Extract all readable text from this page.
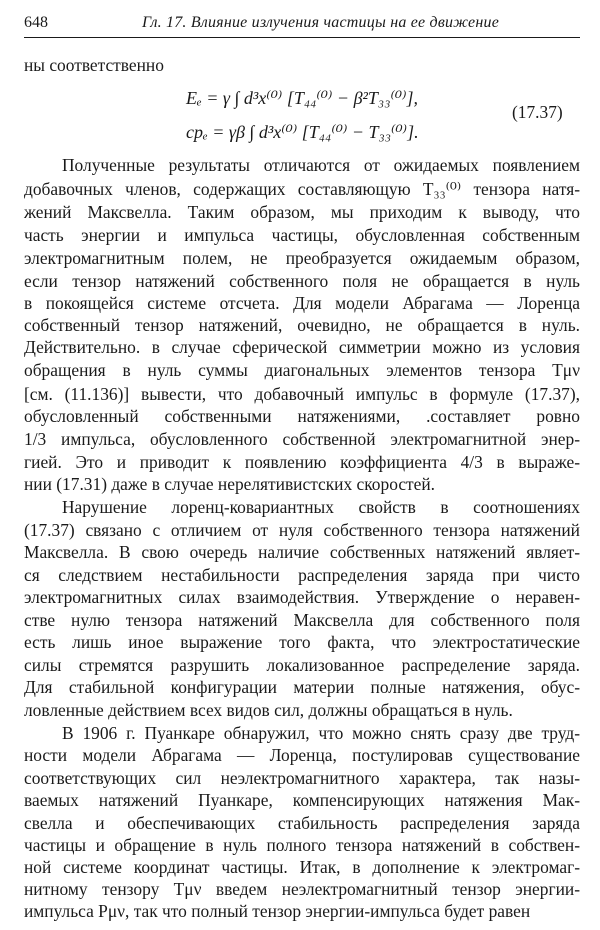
648	Гл. 17. Влияние излучения частицы на ее движение
ны соответственно
Eₑ = γ ∫ d³x⁽⁰⁾ [T₄₄⁽⁰⁾ − β²T₃₃⁽⁰⁾],
(17.37)
cpₑ = γβ ∫ d³x⁽⁰⁾ [T₄₄⁽⁰⁾ − T₃₃⁽⁰⁾].
Полученные результаты отличаются от ожидаемых появлением
добавочных членов, содержащих составляющую T₃₃⁽⁰⁾ тензора натя-
жений Максвелла. Таким образом, мы приходим к выводу, что
часть энергии и импульса частицы, обусловленная собственным
электромагнитным полем, не преобразуется ожидаемым образом,
если тензор натяжений собственного поля не обращается в нуль
в покоящейся системе отсчета. Для модели Абрагама — Лоренца
собственный тензор натяжений, очевидно, не обращается в нуль.
Действительно. в случае сферической симметрии можно из условия
обращения в нуль суммы диагональных элементов тензора Tμν
[см. (11.136)] вывести, что добавочный импульс в формуле (17.37),
обусловленный собственными натяжениями, .составляет ровно
1/3 импульса, обусловленного собственной электромагнитной энер-
гией. Это и приводит к появлению коэффициента 4/3 в выраже-
нии (17.31) даже в случае нерелятивистских скоростей.
Нарушение лоренц-ковариантных свойств в соотношениях
(17.37) связано с отличием от нуля собственного тензора натяжений
Максвелла. В свою очередь наличие собственных натяжений являет-
ся следствием нестабильности распределения заряда при чисто
электромагнитных силах взаимодействия. Утверждение о неравен-
стве нулю тензора натяжений Максвелла для собственного поля
есть лишь иное выражение того факта, что электростатические
силы стремятся разрушить локализованное распределение заряда.
Для стабильной конфигурации материи полные натяжения, обус-
ловленные действием всех видов сил, должны обращаться в нуль.
В 1906 г. Пуанкаре обнаружил, что можно снять сразу две труд-
ности модели Абрагама — Лоренца, постулировав существование
соответствующих сил неэлектромагнитного характера, так назы-
ваемых натяжений Пуанкаре, компенсирующих натяжения Мак-
свелла и обеспечивающих стабильность распределения заряда
частицы и обращение в нуль полного тензора натяжений в собствен-
ной системе координат частицы. Итак, в дополнение к электромаг-
нитному тензору Tμν введем неэлектромагнитный тензор энергии-
импульса Pμν, так что полный тензор энергии-импульса будет равен
